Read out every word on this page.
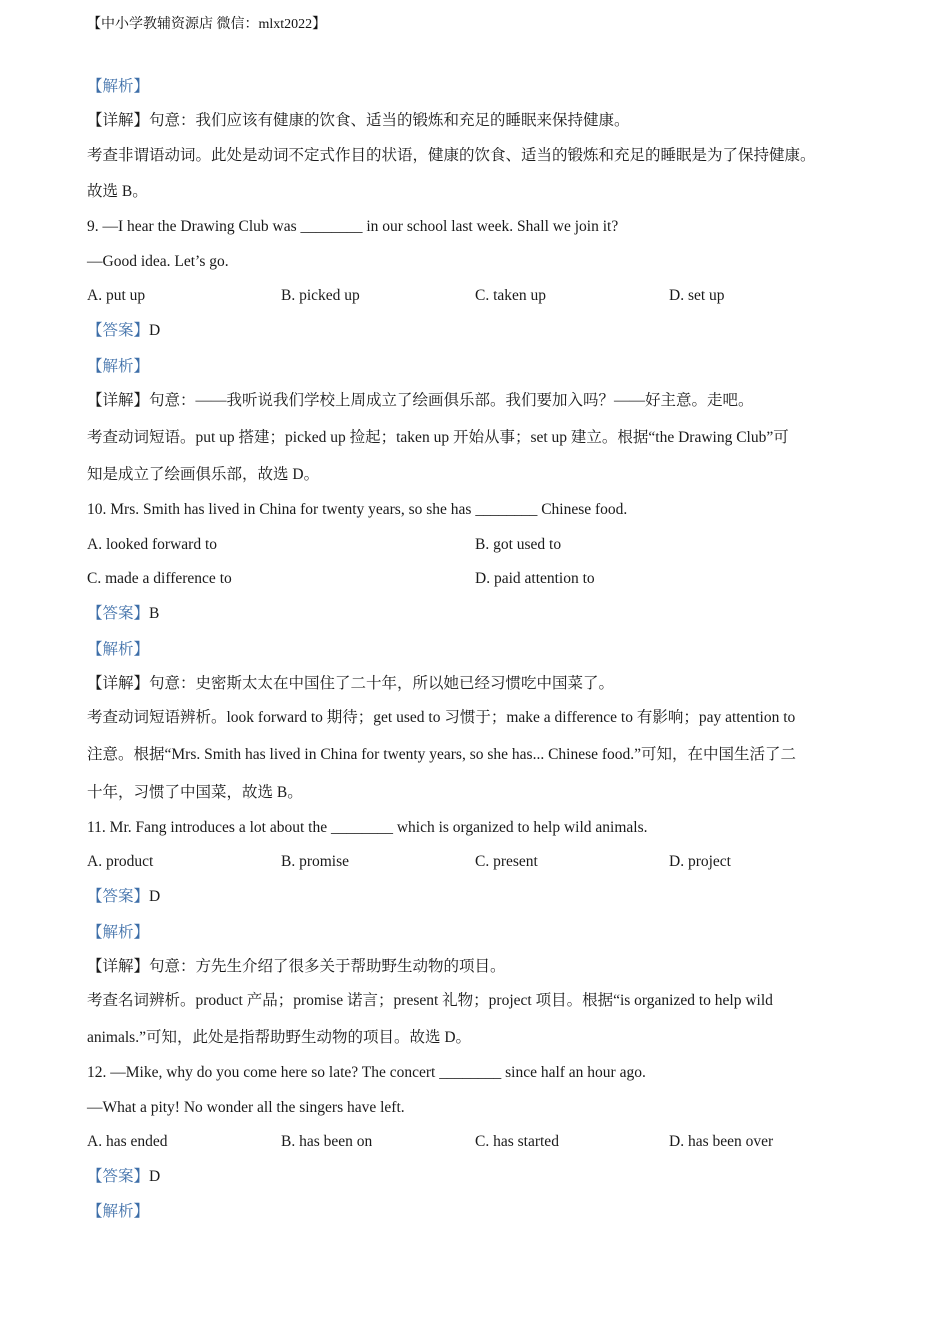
【中小学教辅资源店 微信：mlxt2022】
【解析】
【详解】句意：我们应该有健康的饮食、适当的锻炼和充足的睡眠来保持健康。
考查非谓语动词。此处是动词不定式作目的状语，健康的饮食、适当的锻炼和充足的睡眠是为了保持健康。
故选 B。
9. —I hear the Drawing Club was ________ in our school last week. Shall we join it?
—Good idea. Let’s go.
A. put up	B. picked up	C. taken up	D. set up
【答案】D
【解析】
【详解】句意：——我听说我们学校上周成立了绘画俱乐部。我们要加入吗？——好主意。走吧。
考查动词短语。put up 搭建；picked up 捡起；taken up 开始从事；set up 建立。根据“the Drawing Club”可
知是成立了绘画俱乐部，故选 D。
10. Mrs. Smith has lived in China for twenty years, so she has ________ Chinese food.
A. looked forward to	B. got used to
C. made a difference to	D. paid attention to
【答案】B
【解析】
【详解】句意：史密斯太太在中国住了二十年，所以她已经习惯吃中国菜了。
考查动词短语辨析。look forward to 期待；get used to 习惯于；make a difference to 有影响；pay attention to
注意。根据“Mrs. Smith has lived in China for twenty years, so she has... Chinese food.”可知，在中国生活了二
十年，习惯了中国菜，故选 B。
11. Mr. Fang introduces a lot about the ________ which is organized to help wild animals.
A. product	B. promise	C. present	D. project
【答案】D
【解析】
【详解】句意：方先生介绍了很多关于帮助野生动物的项目。
考查名词辨析。product 产品；promise 诺言；present 礼物；project 项目。根据“is organized to help wild
animals.”可知，此处是指帮助野生动物的项目。故选 D。
12. —Mike, why do you come here so late? The concert ________ since half an hour ago.
—What a pity! No wonder all the singers have left.
A. has ended	B. has been on	C. has started	D. has been over
【答案】D
【解析】
